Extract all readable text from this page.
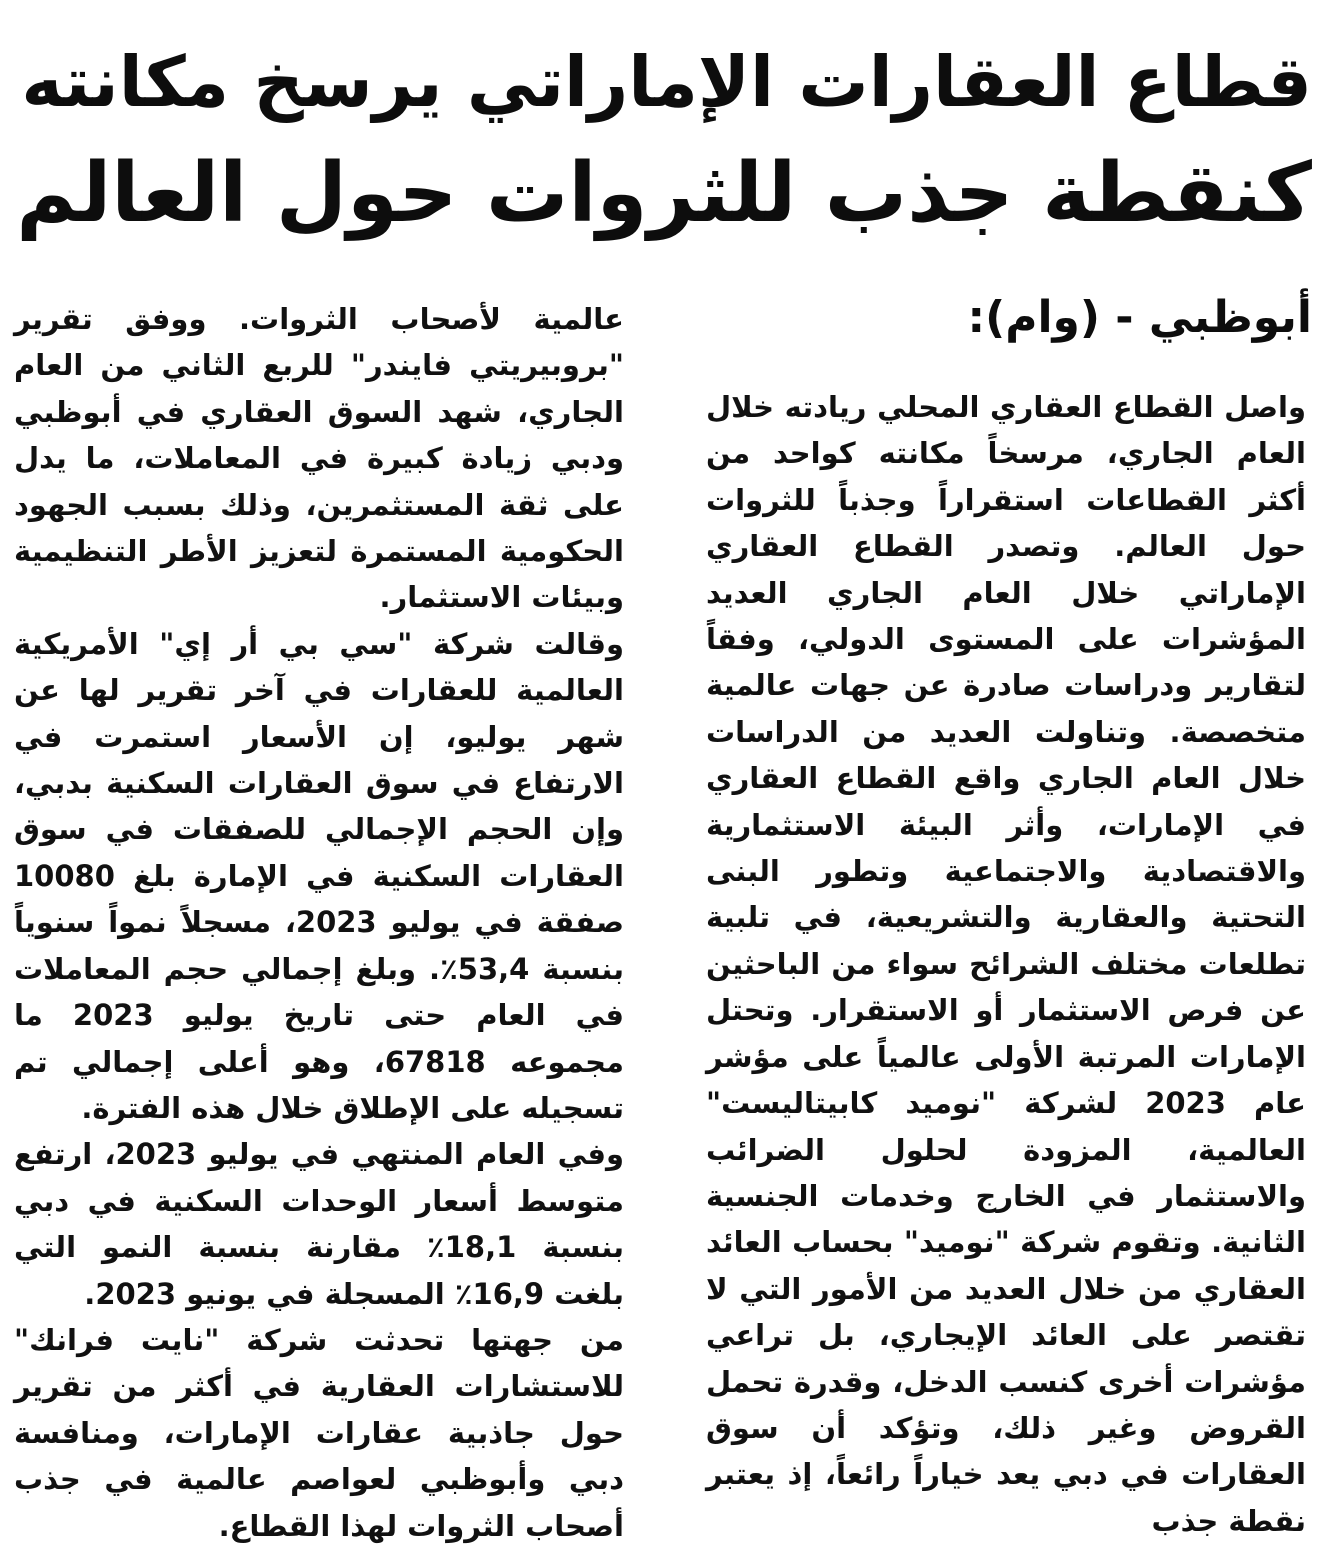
قطاع العقارات الإماراتي يرسخ مكانته
كنقطة جذب للثروات حول العالم
أبوظبي - (وام):

واصل القطاع العقاري المحلي ريادته خلال العام الجاري، مرسخاً مكانته كواحد من أكثر القطاعات استقراراً وجذباً للثروات حول العالم. وتصدر القطاع العقاري الإماراتي خلال العام الجاري العديد المؤشرات على المستوى الدولي، وفقاً لتقارير ودراسات صادرة عن جهات عالمية متخصصة. وتناولت العديد من الدراسات خلال العام الجاري واقع القطاع العقاري في الإمارات، وأثر البيئة الاستثمارية والاقتصادية والاجتماعية وتطور البنى التحتية والعقارية والتشريعية، في تلبية تطلعات مختلف الشرائح سواء من الباحثين عن فرص الاستثمار أو الاستقرار. وتحتل الإمارات المرتبة الأولى عالمياً على مؤشر عام 2023 لشركة "نوميد كابيتاليست" العالمية، المزودة لحلول الضرائب والاستثمار في الخارج وخدمات الجنسية الثانية. وتقوم شركة "نوميد" بحساب العائد العقاري من خلال العديد من الأمور التي لا تقتصر على العائد الإيجاري، بل تراعي مؤشرات أخرى كنسب الدخل، وقدرة تحمل القروض وغير ذلك، وتؤكد أن سوق العقارات في دبي يعد خياراً رائعاً، إذ يعتبر نقطة جذب

عالمية لأصحاب الثروات. ووفق تقرير "بروبيريتي فايندر" للربع الثاني من العام الجاري، شهد السوق العقاري في أبوظبي ودبي زيادة كبيرة في المعاملات، ما يدل على ثقة المستثمرين، وذلك بسبب الجهود الحكومية المستمرة لتعزيز الأطر التنظيمية وبيئات الاستثمار.

وقالت شركة "سي بي أر إي" الأمريكية العالمية للعقارات في آخر تقرير لها عن شهر يوليو، إن الأسعار استمرت في الارتفاع في سوق العقارات السكنية بدبي، وإن الحجم الإجمالي للصفقات في سوق العقارات السكنية في الإمارة بلغ 10080 صفقة في يوليو 2023، مسجلاً نمواً سنوياً بنسبة 53,4٪. وبلغ إجمالي حجم المعاملات في العام حتى تاريخ يوليو 2023 ما مجموعه 67818، وهو أعلى إجمالي تم تسجيله على الإطلاق خلال هذه الفترة.

وفي العام المنتهي في يوليو 2023، ارتفع متوسط أسعار الوحدات السكنية في دبي بنسبة 18,1٪ مقارنة بنسبة النمو التي بلغت 16,9٪ المسجلة في يونيو 2023.

من جهتها تحدثت شركة "نايت فرانك" للاستشارات العقارية في أكثر من تقرير حول جاذبية عقارات الإمارات، ومنافسة دبي وأبوظبي لعواصم عالمية في جذب أصحاب الثروات لهذا القطاع.
